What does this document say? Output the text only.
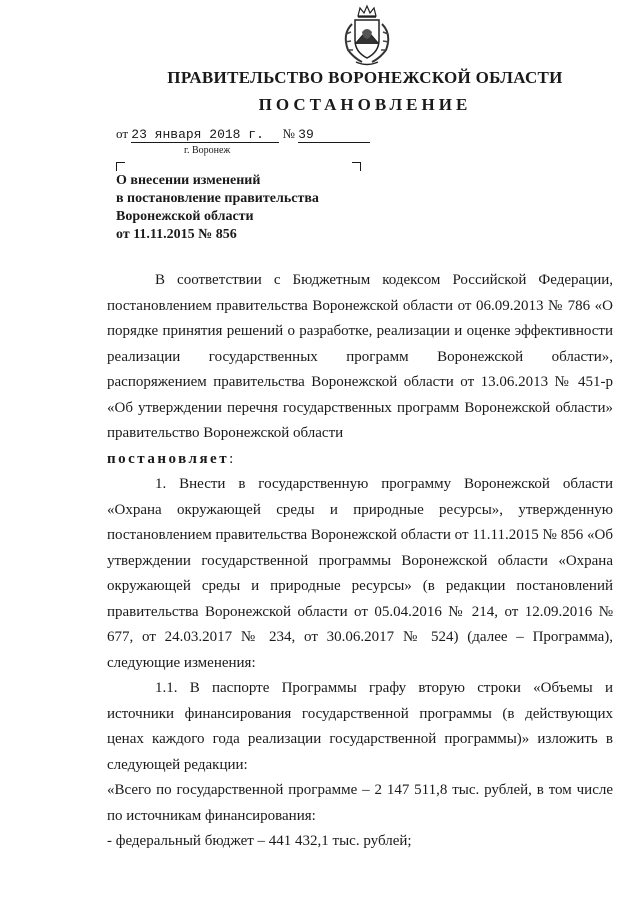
ПРАВИТЕЛЬСТВО ВОРОНЕЖСКОЙ ОБЛАСТИ
ПОСТАНОВЛЕНИЕ
от 23 января 2018 г. № 39
г. Воронеж
О внесении изменений
в постановление правительства
Воронежской области
от 11.11.2015 № 856

В соответствии с Бюджетным кодексом Российской Федерации, постановлением правительства Воронежской области от 06.09.2013 № 786 «О порядке принятия решений о разработке, реализации и оценке эффективности реализации государственных программ Воронежской области», распоряжением правительства Воронежской области от 13.06.2013 № 451-р «Об утверждении перечня государственных программ Воронежской области» правительство Воронежской области

постановляет:

1. Внести в государственную программу Воронежской области «Охрана окружающей среды и природные ресурсы», утвержденную постановлением правительства Воронежской области от 11.11.2015 № 856 «Об утверждении государственной программы Воронежской области «Охрана окружающей среды и природные ресурсы» (в редакции постановлений правительства Воронежской области от 05.04.2016 № 214, от 12.09.2016 № 677, от 24.03.2017 № 234, от 30.06.2017 № 524) (далее – Программа), следующие изменения:

1.1. В паспорте Программы графу вторую строки «Объемы и источники финансирования государственной программы (в действующих ценах каждого года реализации государственной программы)» изложить в следующей редакции:

«Всего по государственной программе – 2 147 511,8 тыс. рублей, в том числе по источникам финансирования:

- федеральный бюджет – 441 432,1 тыс. рублей;
